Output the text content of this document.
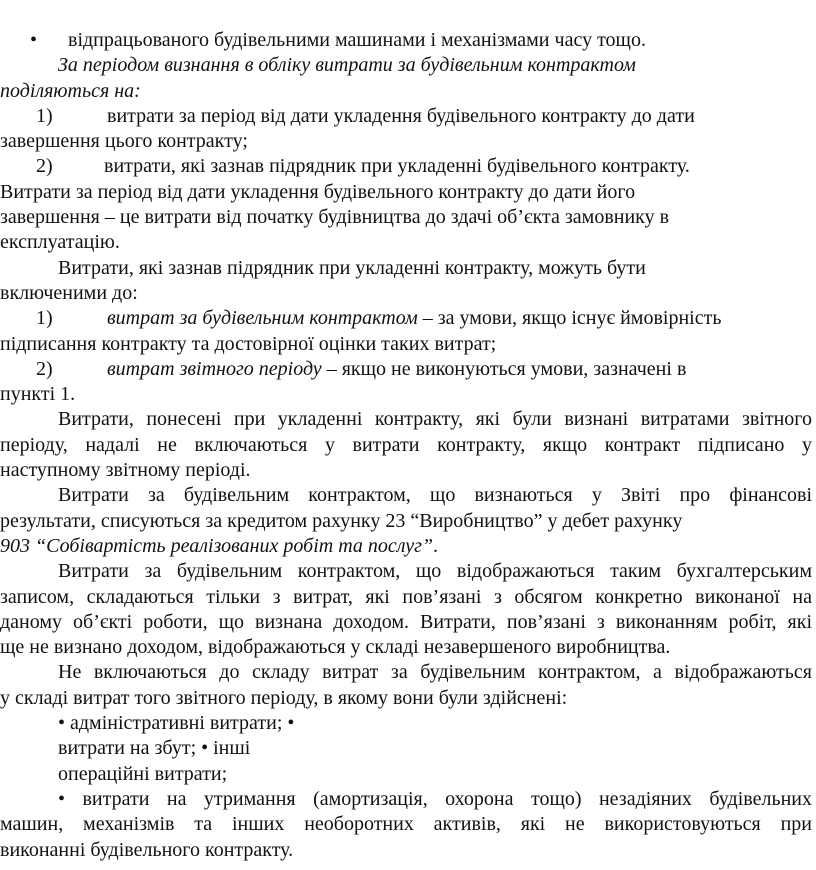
• відпрацьованого будівельними машинами і механізмами часу тощо.
За періодом визнання в обліку витрати за будівельним контрактом
поділяються на:
1)	витрати за період від дати укладення будівельного контракту до дати
завершення цього контракту;
2)	витрати, які зазнав підрядник при укладенні будівельного контракту.
Витрати за період від дати укладення будівельного контракту до дати його
завершення – це витрати від початку будівництва до здачі об’єкта замовнику в
експлуатацію.
Витрати, які зазнав підрядник при укладенні контракту, можуть бути
включеними до:
1)	витрат за будівельним контрактом – за умови, якщо існує ймовірність
підписання контракту та достовірної оцінки таких витрат;
2)	витрат звітного періоду – якщо не виконуються умови, зазначені в
пункті 1.
Витрати, понесені при укладенні контракту, які були визнані витратами звітного
періоду, надалі не включаються у витрати контракту, якщо контракт підписано у
наступному звітному періоді.
Витрати за будівельним контрактом, що визнаються у Звіті про фінансові
результати, списуються за кредитом рахунку 23 “Виробництво” у дебет рахунку
903 “Собівартість реалізованих робіт та послуг”.
Витрати за будівельним контрактом, що відображаються таким бухгалтерським
записом, складаються тільки з витрат, які пов’язані з обсягом конкретно виконаної на
даному об’єкті роботи, що визнана доходом. Витрати, пов’язані з виконанням робіт, які
ще не визнано доходом, відображаються у складі незавершеного виробництва.
Не включаються до складу витрат за будівельним контрактом, а відображаються
у складі витрат того звітного періоду, в якому вони були здійснені:
• адміністративні витрати; •
витрати на збут; • інші
операційні витрати;
• витрати на утримання (амортизація, охорона тощо) незадіяних будівельних
машин, механізмів та інших необоротних активів, які не використовуються при
виконанні будівельного контракту.
